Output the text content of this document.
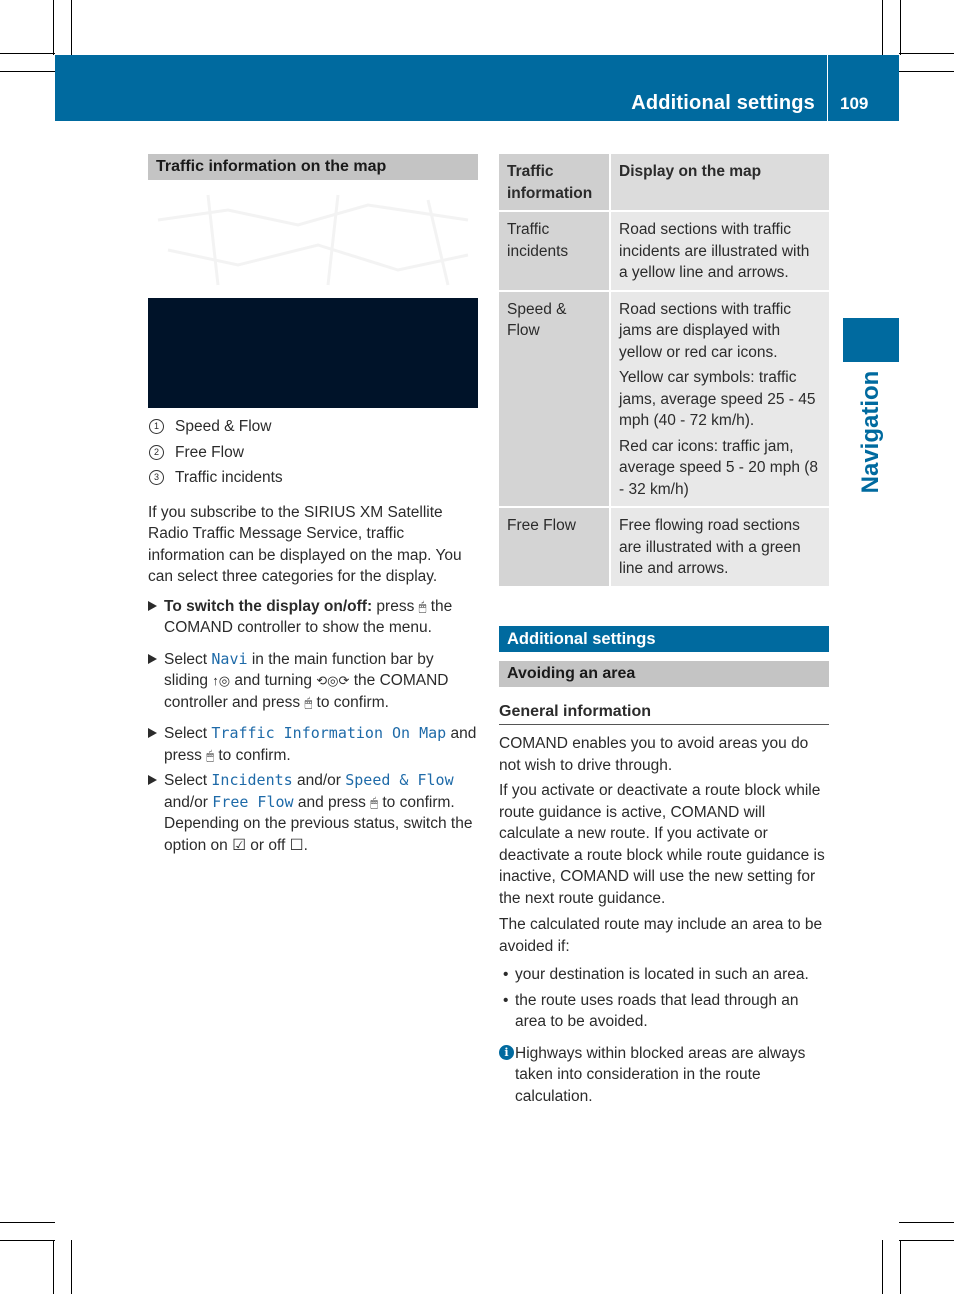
Additional settings 109
Navigation
Traffic information on the map
1	Speed & Flow
2	Free Flow
3	Traffic incidents

If you subscribe to the SIRIUS XM Satellite Radio Traffic Message Service, traffic information can be displayed on the map. You can select three categories for the display.

To switch the display on/off: press 🖱︎ the COMAND controller to show the menu.
Select Navi in the main function bar by sliding ↑◎ and turning ⟲◎⟳ the COMAND controller and press 🖱︎ to confirm.
Select Traffic Information On Map and press 🖱︎ to confirm.
Select Incidents and/or Speed & Flow and/or Free Flow and press 🖱︎ to confirm.
Depending on the previous status, switch the option on ☑ or off ☐.
Traffic information	Display on the map
Traffic incidents	Road sections with traffic incidents are illustrated with a yellow line and arrows.

Speed & Flow	Road sections with traffic jams are displayed with yellow or red car icons.

Yellow car symbols: traffic jams, average speed 25 - 45 mph (40 - 72 km/h).

Red car icons: traffic jam, average speed 5 - 20 mph (8 - 32 km/h)

Free Flow	Free flowing road sections are illustrated with a green line and arrows.

Additional settings
Avoiding an area
General information

COMAND enables you to avoid areas you do not wish to drive through.

If you activate or deactivate a route block while route guidance is active, COMAND will calculate a new route. If you activate or deactivate a route block while route guidance is inactive, COMAND will use the new setting for the next route guidance.

The calculated route may include an area to be avoided if:

• your destination is located in such an area.
• the route uses roads that lead through an area to be avoided.
i Highways within blocked areas are always taken into consideration in the route calculation.
